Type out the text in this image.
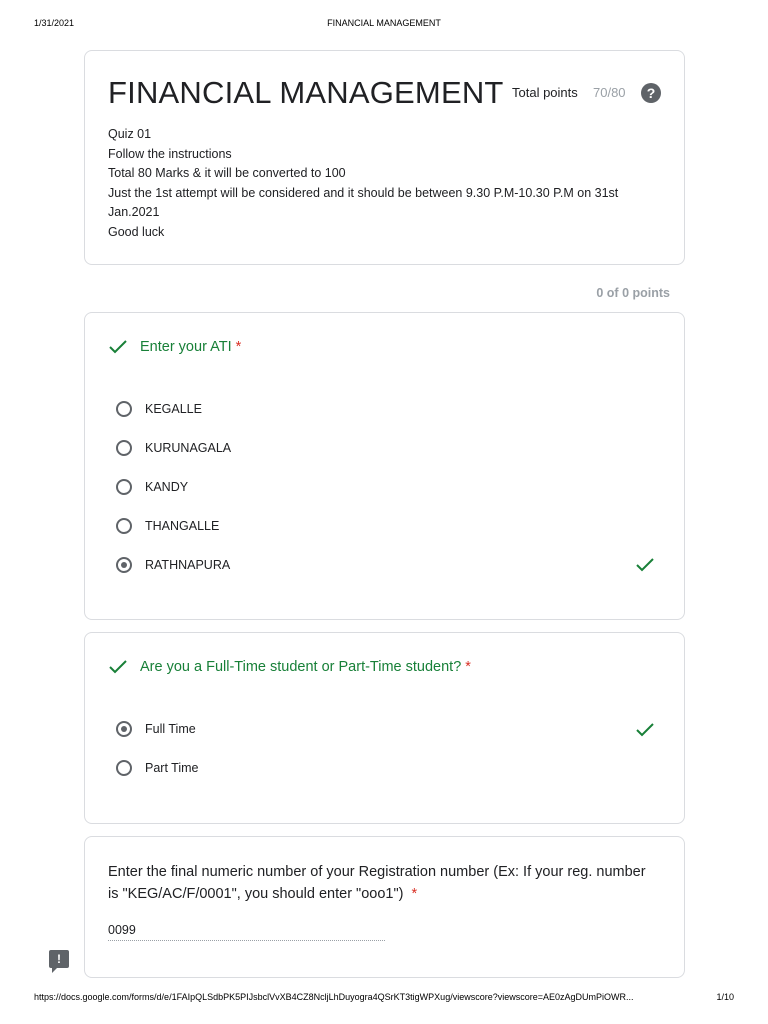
1/31/2021	FINANCIAL MANAGEMENT
FINANCIAL MANAGEMENT Total points 70/80	?
Quiz 01
Follow the instructions
Total 80 Marks & it will be converted to 100
Just the 1st attempt will be considered and it should be between 9.30 P.M-10.30 P.M on 31st
Jan.2021
Good luck
0 of 0 points
Enter your ATI *
KEGALLE
KURUNAGALA
KANDY
THANGALLE
RATHNAPURA
Are you a Full-Time student or Part-Time student? *
Full Time
Part Time
Enter the final numeric number of your Registration number (Ex: If your reg. number is "KEG/AC/F/0001", you should enter "ooo1") *
0099
!
https://docs.google.com/forms/d/e/1FAIpQLSdbPK5PIJsbclVvXB4CZ8NcljLhDuyogra4QSrKT3tigWPXug/viewscore?viewscore=AE0zAgDUmPiOWR...	1/10
